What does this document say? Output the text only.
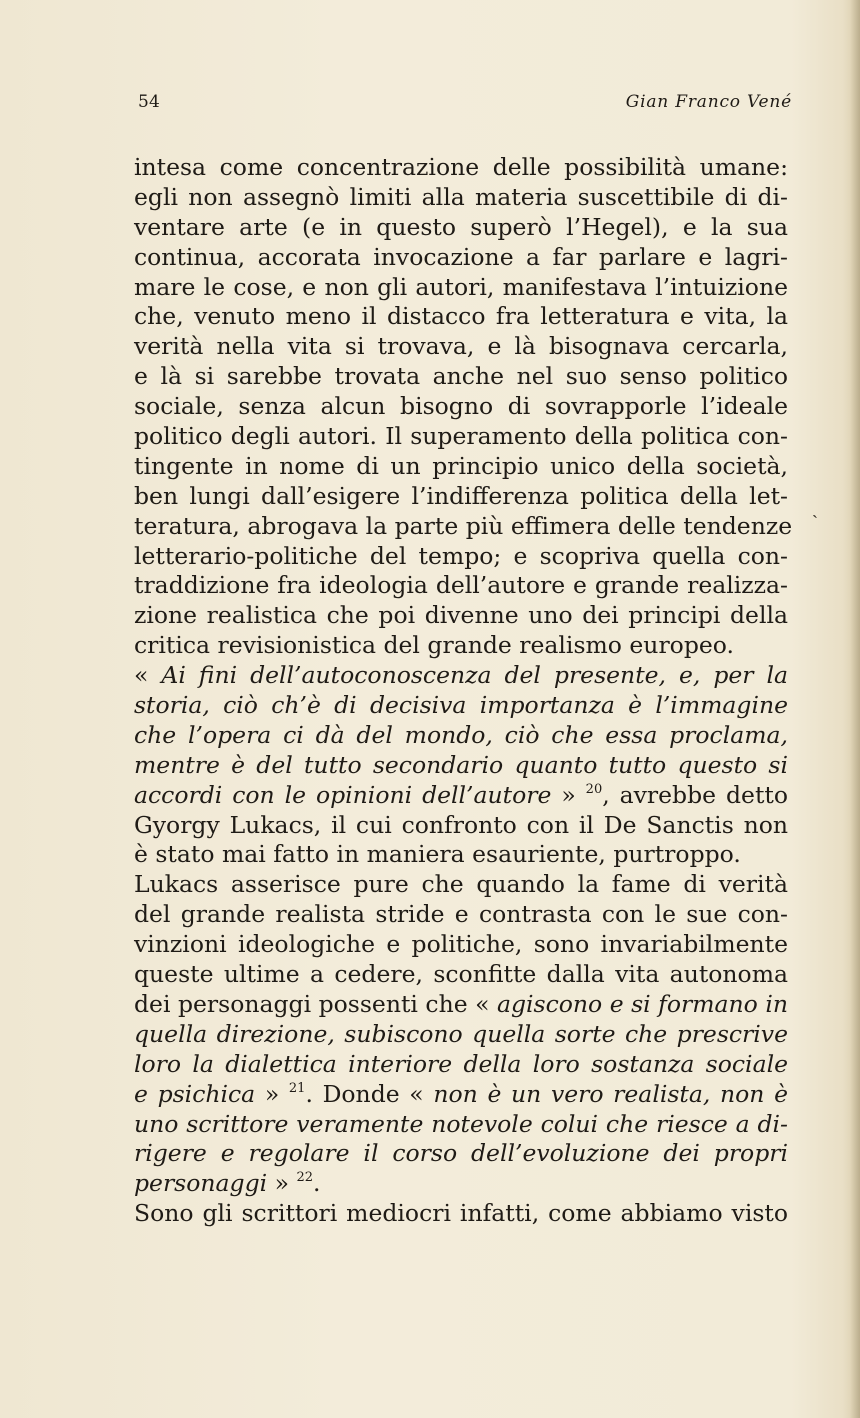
54	Gian Franco Vené
intesa come concentrazione delle possibilità umane:
egli non assegnò limiti alla materia suscettibile di di-
ventare arte (e in questo superò l’Hegel), e la sua
continua, accorata invocazione a far parlare e lagri-
mare le cose, e non gli autori, manifestava l’intuizione
che, venuto meno il distacco fra letteratura e vita, la
verità nella vita si trovava, e là bisognava cercarla,
e là si sarebbe trovata anche nel suo senso politico
sociale, senza alcun bisogno di sovrapporle l’ideale
politico degli autori. Il superamento della politica con-
tingente in nome di un principio unico della società,
ben lungi dall’esigere l’indifferenza politica della let-
teratura, abrogava la parte più effimera delle tendenze
letterario-politiche del tempo; e scopriva quella con-
traddizione fra ideologia dell’autore e grande realizza-
zione realistica che poi divenne uno dei principi della
critica revisionistica del grande realismo europeo.
« Ai fini dell’autoconoscenza del presente, e, per la
storia, ciò ch’è di decisiva importanza è l’immagine
che l’opera ci dà del mondo, ciò che essa proclama,
mentre è del tutto secondario quanto tutto questo si
accordi con le opinioni dell’autore » $^{20}$, avrebbe detto
Gyorgy Lukacs, il cui confronto con il De Sanctis non
è stato mai fatto in maniera esauriente, purtroppo.
Lukacs asserisce pure che quando la fame di verità
del grande realista stride e contrasta con le sue con-
vinzioni ideologiche e politiche, sono invariabilmente
queste ultime a cedere, sconfitte dalla vita autonoma
dei personaggi possenti che « agiscono e si formano in
quella direzione, subiscono quella sorte che prescrive
loro la dialettica interiore della loro sostanza sociale
e psichica » $^{21}$. Donde « non è un vero realista, non è
uno scrittore veramente notevole colui che riesce a di-
rigere e regolare il corso dell’evoluzione dei propri
personaggi » $^{22}$.
Sono gli scrittori mediocri infatti, come abbiamo visto
ˏ
